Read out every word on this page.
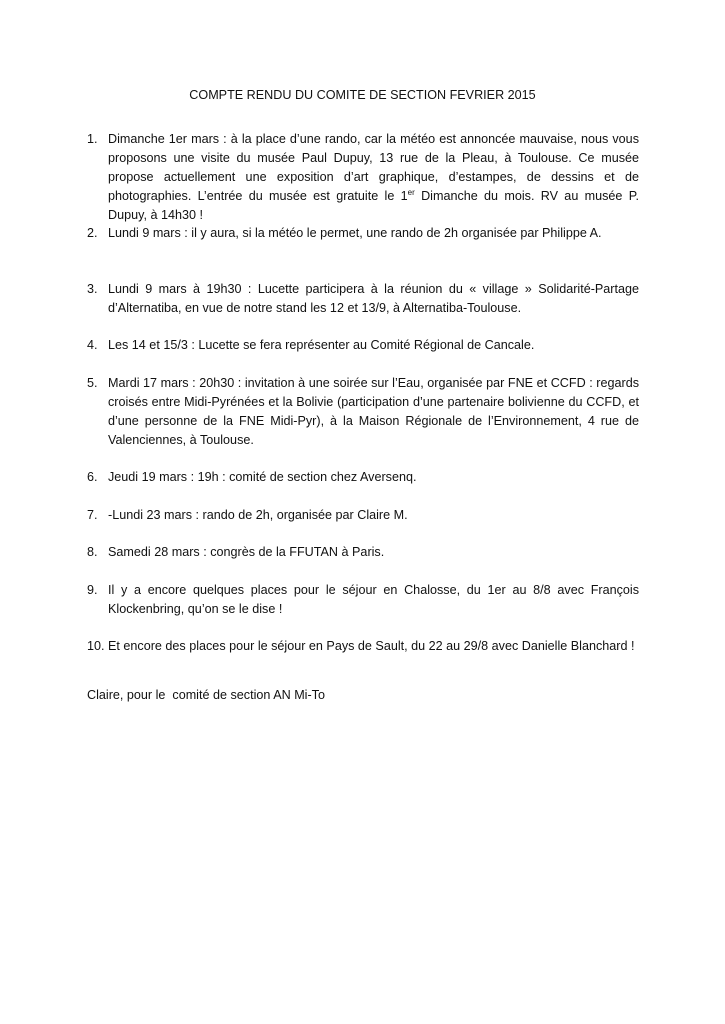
COMPTE RENDU DU COMITE DE SECTION FEVRIER 2015
1. Dimanche 1er mars : à la place d’une rando, car la météo est annoncée mauvaise, nous vous proposons une visite du musée Paul Dupuy, 13 rue de la Pleau, à Toulouse. Ce musée propose actuellement une exposition d’art graphique, d’estampes, de dessins et de photographies. L’entrée du musée est gratuite le 1er Dimanche du mois. RV au musée P. Dupuy, à 14h30 !
2. Lundi 9 mars : il y aura, si la météo le permet, une rando de 2h organisée par Philippe A.
3. Lundi 9 mars à 19h30 : Lucette participera à la réunion du « village » Solidarité-Partage d’Alternatiba, en vue de notre stand les 12 et 13/9, à Alternatiba-Toulouse.
4. Les 14 et 15/3 : Lucette se fera représenter au Comité Régional de Cancale.
5. Mardi 17 mars : 20h30 : invitation à une soirée sur l’Eau, organisée par FNE et CCFD : regards croisés entre Midi-Pyrénées et la Bolivie (participation d’une partenaire bolivienne du CCFD, et d’une personne de la FNE Midi-Pyr), à la Maison Régionale de l’Environnement, 4 rue de Valenciennes, à Toulouse.
6. Jeudi 19 mars : 19h : comité de section chez Aversenq.
7. -Lundi 23 mars : rando de 2h, organisée par Claire M.
8. Samedi 28 mars : congrès de la FFUTAN à Paris.
9. Il y a encore quelques places pour le séjour en Chalosse, du 1er au 8/8 avec François Klockenbring, qu’on se le dise !
10. Et encore des places pour le séjour en Pays de Sault, du 22 au 29/8 avec Danielle Blanchard !
Claire, pour le  comité de section AN Mi-To
